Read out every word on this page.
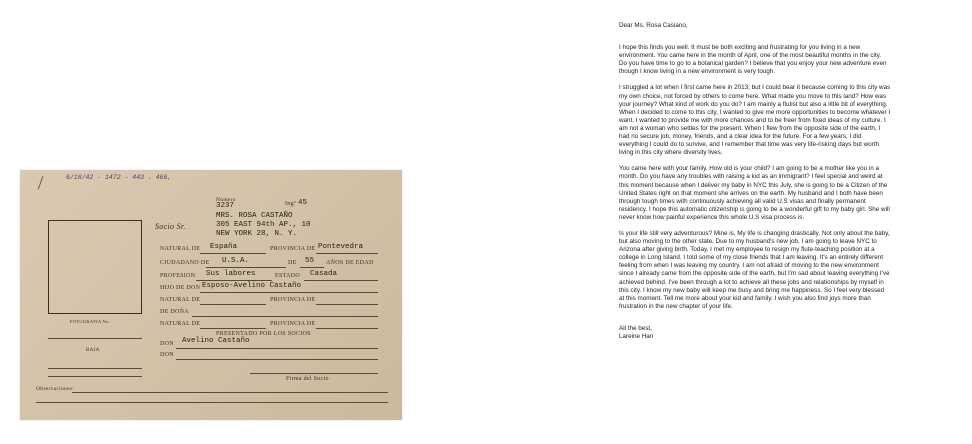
6/18/42 - 1472 - 443 . 466,
Número
3237	Ingº 45
Socio Sr.
MRS. ROSA CASTAÑO
305 EAST 94th AP., 10
NEW YORK 28, N. Y.
NATURAL DE España	PROVINCIA DE Pontevedra
CIUDADANO DE U.S.A.	DE 55 AÑOS DE EDAD
PROFESION Sus labores	ESTADO Casada
HIJO DE DON Esposo-Avelino Castaño
NATURAL DE	PROVINCIA DE
DE DOÑA
NATURAL DE	PROVINCIA DE
FOTOGRAFIA No.
PRESENTADO POR LOS SOCIOS
DON Avelino Castaño
DON
BAJA
Firma del Socio
Observaciones:

Dear Ms. Rosa Casiano,

I hope this finds you well. It must be both exciting and frustrating for you living in a new
environment. You came here in the month of April, one of the most beautiful months in the city.
Do you have time to go to a botanical garden? I believe that you enjoy your new adventure even
though I know living in a new environment is very tough.

I struggled a lot when I first came here in 2013, but I could bear it because coming to this city was
my own choice, not forced by others to come here. What made you move to this land? How was
your journey? What kind of work do you do? I am mainly a flutist but also a little bit of everything.
When I decided to come to this city, I wanted to give me more opportunities to become whatever I
want. I wanted to provide me with more chances and to be freer from fixed ideas of my culture. I
am not a woman who settles for the present. When I flew from the opposite side of the earth, I
had no secure job, money, friends, and a clear idea for the future. For a few years, I did
everything I could do to survive, and I remember that time was very life-risking days but worth
living in this city where diversity lives.

You came here with your family. How old is your child? I am going to be a mother like you in a
month. Do you have any troubles with raising a kid as an immigrant? I feel special and weird at
this moment because when I deliver my baby in NYC this July, she is going to be a Citizen of the
United States right on that moment she arrives on the earth. My husband and I both have been
through tough times with continuously achieving all valid U.S visas and finally permanent
residency. I hope this automatic citizenship is going to be a wonderful gift to my baby girl. She will
never know how painful experience this whole U.S visa process is.

Is your life still very adventurous? Mine is. My life is changing drastically. Not only about the baby,
but also moving to the other state. Due to my husband's new job, I am going to leave NYC to
Arizona after giving birth. Today, I met my employee to resign my flute-teaching position at a
college in Long Island. I told some of my close friends that I am leaving. It's an entirely different
feeling from when I was leaving my country. I am not afraid of moving to the new environment
since I already came from the opposite side of the earth, but I'm sad about leaving everything I've
achieved behind. I've been through a lot to achieve all these jobs and relationships by myself in
this city. I know my new baby will keep me busy and bring me happiness. So I feel very blessed
at this moment. Tell me more about your kid and family. I wish you also find joys more than
frustration in the new chapter of your life.

All the best,

Lareine Han
